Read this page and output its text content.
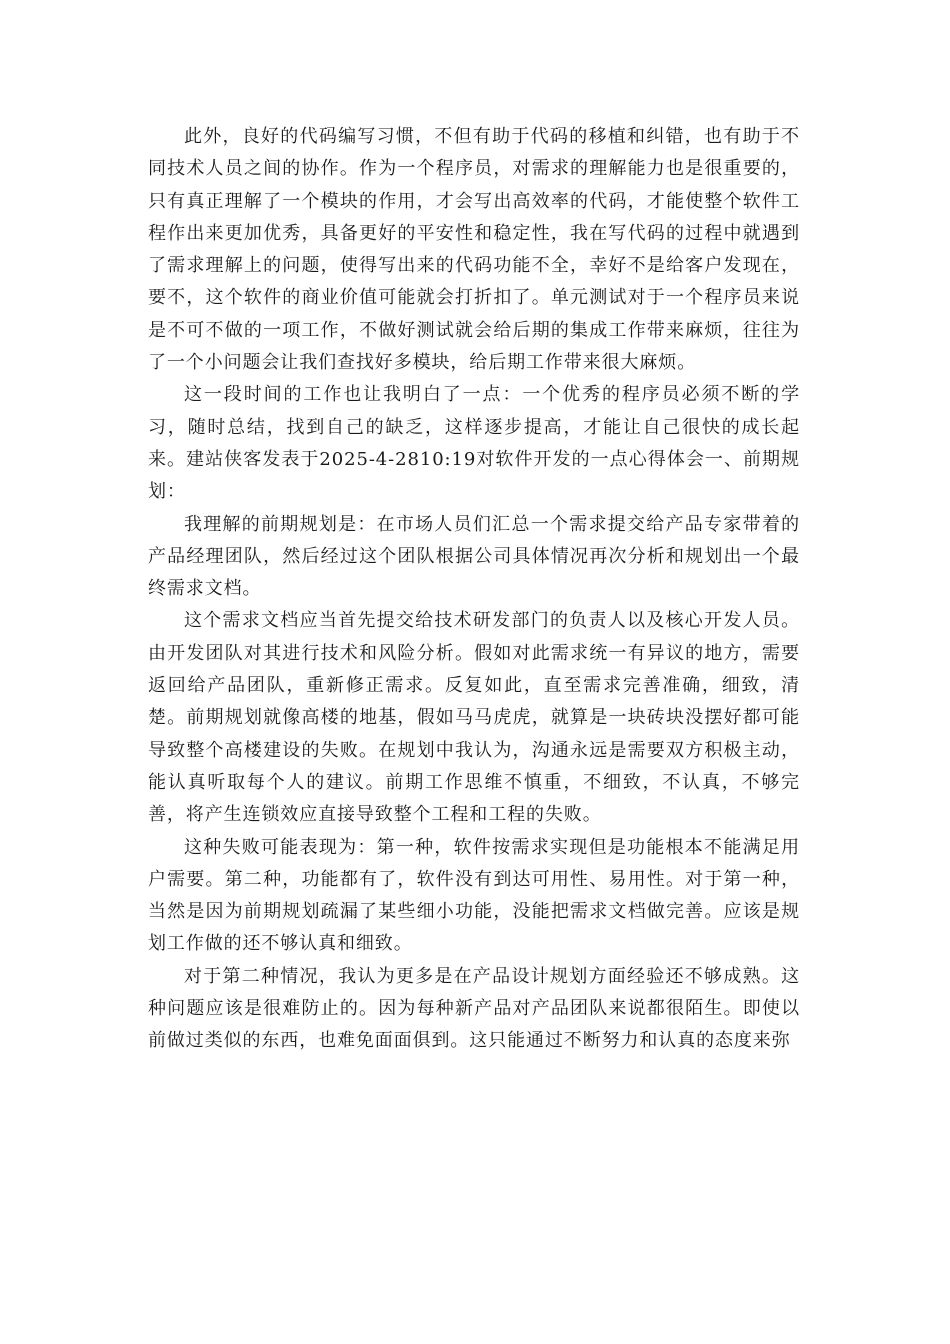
此外，良好的代码编写习惯，不但有助于代码的移植和纠错，也有助于不同技术人员之间的协作。作为一个程序员，对需求的理解能力也是很重要的，只有真正理解了一个模块的作用，才会写出高效率的代码，才能使整个软件工程作出来更加优秀，具备更好的平安性和稳定性，我在写代码的过程中就遇到了需求理解上的问题，使得写出来的代码功能不全，幸好不是给客户发现在，要不，这个软件的商业价值可能就会打折扣了。单元测试对于一个程序员来说是不可不做的一项工作，不做好测试就会给后期的集成工作带来麻烦，往往为了一个小问题会让我们查找好多模块，给后期工作带来很大麻烦。

这一段时间的工作也让我明白了一点：一个优秀的程序员必须不断的学习，随时总结，找到自己的缺乏，这样逐步提高，才能让自己很快的成长起来。建站侠客发表于2025-4-2810:19对软件开发的一点心得体会一、前期规划：

我理解的前期规划是：在市场人员们汇总一个需求提交给产品专家带着的产品经理团队，然后经过这个团队根据公司具体情况再次分析和规划出一个最终需求文档。

这个需求文档应当首先提交给技术研发部门的负责人以及核心开发人员。由开发团队对其进行技术和风险分析。假如对此需求统一有异议的地方，需要返回给产品团队，重新修正需求。反复如此，直至需求完善准确，细致，清楚。前期规划就像高楼的地基，假如马马虎虎，就算是一块砖块没摆好都可能导致整个高楼建设的失败。在规划中我认为，沟通永远是需要双方积极主动，能认真听取每个人的建议。前期工作思维不慎重，不细致，不认真，不够完善，将产生连锁效应直接导致整个工程和工程的失败。

这种失败可能表现为：第一种，软件按需求实现但是功能根本不能满足用户需要。第二种，功能都有了，软件没有到达可用性、易用性。对于第一种，当然是因为前期规划疏漏了某些细小功能，没能把需求文档做完善。应该是规划工作做的还不够认真和细致。

对于第二种情况，我认为更多是在产品设计规划方面经验还不够成熟。这种问题应该是很难防止的。因为每种新产品对产品团队来说都很陌生。即使以前做过类似的东西，也难免面面俱到。这只能通过不断努力和认真的态度来弥
